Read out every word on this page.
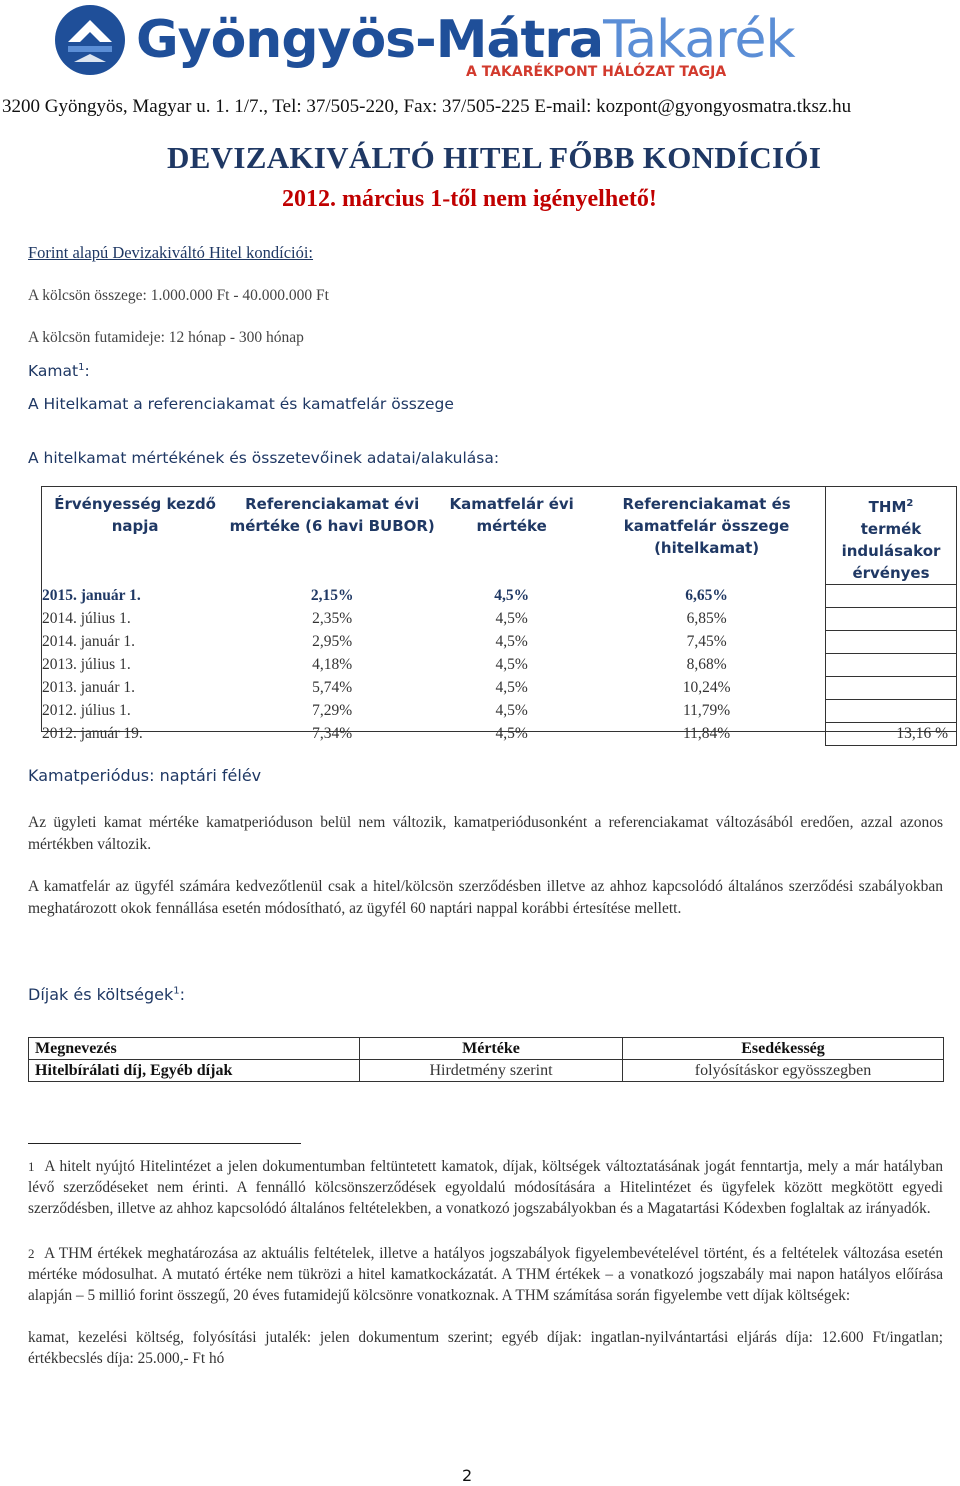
Gyöngyös-MátraTakarék
A TAKARÉKPONT HÁLÓZAT TAGJA
3200 Gyöngyös, Magyar u. 1. 1/7., Tel: 37/505-220, Fax: 37/505-225 E-mail: kozpont@gyongyosmatra.tksz.hu
DEVIZAKIVÁLTÓ HITEL FŐBB KONDÍCIÓI
2012. március 1-től nem igényelhető!
Forint alapú Devizakiváltó Hitel kondíciói:
A kölcsön összege: 1.000.000 Ft - 40.000.000 Ft
A kölcsön futamideje: 12 hónap - 300 hónap
Kamat$^1$:
A Hitelkamat a referenciakamat és kamatfelár összege
A hitelkamat mértékének és összetevőinek adatai/alakulása:
Érvényesség kezdő napja	Referenciakamat évi mértéke (6 havi BUBOR)	Kamatfelár évi mértéke	Referenciakamat és kamatfelár összege (hitelkamat)	THM$^2$
termék indulásakor érvényes
2015. január 1.	2,15%	4,5%	6,65%	
2014. július 1.	2,35%	4,5%	6,85%	
2014. január 1.	2,95%	4,5%	7,45%	
2013. július 1.	4,18%	4,5%	8,68%	
2013. január 1.	5,74%	4,5%	10,24%	
2012. július 1.	7,29%	4,5%	11,79%	
2012. január 19.	7,34%	4,5%	11,84%	13,16 %
Kamatperiódus: naptári félév
Az ügyleti kamat mértéke kamatperióduson belül nem változik, kamatperiódusonként a referenciakamat változásából eredően, azzal azonos mértékben változik.
A kamatfelár az ügyfél számára kedvezőtlenül csak a hitel/kölcsön szerződésben illetve az ahhoz kapcsolódó általános szerződési szabályokban meghatározott okok fennállása esetén módosítható, az ügyfél 60 naptári nappal korábbi értesítése mellett.
Díjak és költségek$^1$:
Megnevezés	Mértéke	Esedékesség
Hitelbírálati díj, Egyéb díjak	Hirdetmény szerint	folyósításkor egyösszegben
1 A hitelt nyújtó Hitelintézet a jelen dokumentumban feltüntetett kamatok, díjak, költségek változtatásának jogát fenntartja, mely a már hatályban lévő szerződéseket nem érinti. A fennálló kölcsönszerződések egyoldalú módosítására a Hitelintézet és ügyfelek között megkötött egyedi szerződésben, illetve az ahhoz kapcsolódó általános feltételekben, a vonatkozó jogszabályokban és a Magatartási Kódexben foglaltak az irányadók.
2 A THM értékek meghatározása az aktuális feltételek, illetve a hatályos jogszabályok figyelembevételével történt, és a feltételek változása esetén mértéke módosulhat. A mutató értéke nem tükrözi a hitel kamatkockázatát. A THM értékek – a vonatkozó jogszabály mai napon hatályos előírása alapján – 5 millió forint összegű, 20 éves futamidejű kölcsönre vonatkoznak. A THM számítása során figyelembe vett díjak költségek:
kamat, kezelési költség, folyósítási jutalék: jelen dokumentum szerint; egyéb díjak: ingatlan-nyilvántartási eljárás díja: 12.600 Ft/ingatlan; értékbecslés díja: 25.000,- Ft hó
2
